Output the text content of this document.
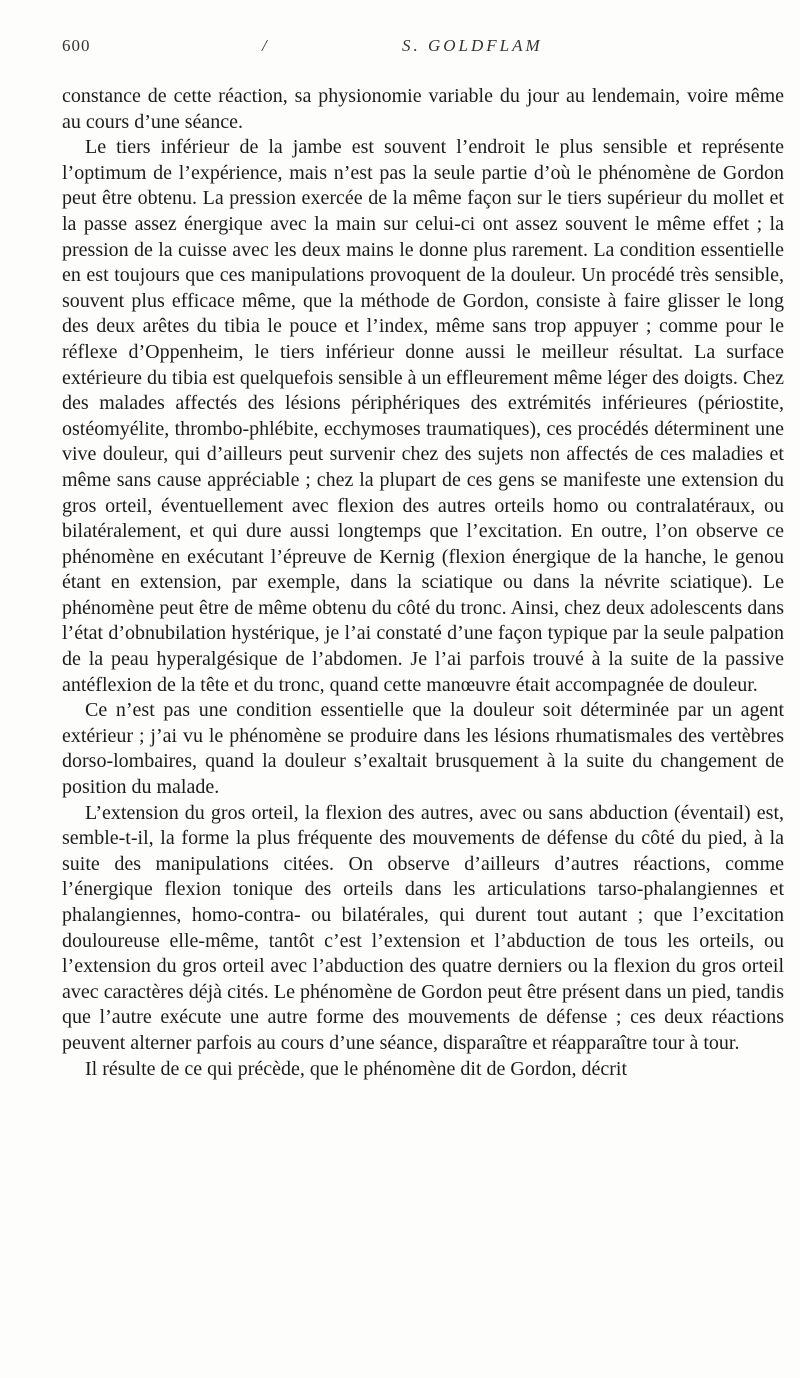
600	/	S. GOLDFLAM

constance de cette réaction, sa physionomie variable du jour au lendemain, voire même au cours d’une séance.

Le tiers inférieur de la jambe est souvent l’endroit le plus sensible et représente l’optimum de l’expérience, mais n’est pas la seule partie d’où le phénomène de Gordon peut être obtenu. La pression exercée de la même façon sur le tiers supérieur du mollet et la passe assez énergique avec la main sur celui-ci ont assez souvent le même effet ; la pression de la cuisse avec les deux mains le donne plus rarement. La condition essentielle en est toujours que ces manipulations provoquent de la douleur. Un procédé très sensible, souvent plus efficace même, que la méthode de Gordon, consiste à faire glisser le long des deux arêtes du tibia le pouce et l’index, même sans trop appuyer ; comme pour le réflexe d’Oppenheim, le tiers inférieur donne aussi le meilleur résultat. La surface extérieure du tibia est quelquefois sensible à un effleurement même léger des doigts. Chez des malades affectés des lésions périphériques des extrémités inférieures (périostite, ostéomyélite, thrombo-phlébite, ecchymoses traumatiques), ces procédés déterminent une vive douleur, qui d’ailleurs peut survenir chez des sujets non affectés de ces maladies et même sans cause appréciable ; chez la plupart de ces gens se manifeste une extension du gros orteil, éventuellement avec flexion des autres orteils homo ou contralatéraux, ou bilatéralement, et qui dure aussi longtemps que l’excitation. En outre, l’on observe ce phénomène en exécutant l’épreuve de Kernig (flexion énergique de la hanche, le genou étant en extension, par exemple, dans la sciatique ou dans la névrite sciatique). Le phénomène peut être de même obtenu du côté du tronc. Ainsi, chez deux adolescents dans l’état d’obnubilation hystérique, je l’ai constaté d’une façon typique par la seule palpation de la peau hyperalgésique de l’abdomen. Je l’ai parfois trouvé à la suite de la passive antéflexion de la tête et du tronc, quand cette manœuvre était accompagnée de douleur.

Ce n’est pas une condition essentielle que la douleur soit déterminée par un agent extérieur ; j’ai vu le phénomène se produire dans les lésions rhumatismales des vertèbres dorso-lombaires, quand la douleur s’exaltait brusquement à la suite du changement de position du malade.

L’extension du gros orteil, la flexion des autres, avec ou sans abduction (éventail) est, semble-t-il, la forme la plus fréquente des mouvements de défense du côté du pied, à la suite des manipulations citées. On observe d’ailleurs d’autres réactions, comme l’énergique flexion tonique des orteils dans les articulations tarso-phalangiennes et phalangiennes, homo-contra- ou bilatérales, qui durent tout autant ; que l’excitation douloureuse elle-même, tantôt c’est l’extension et l’abduction de tous les orteils, ou l’extension du gros orteil avec l’abduction des quatre derniers ou la flexion du gros orteil avec caractères déjà cités. Le phénomène de Gordon peut être présent dans un pied, tandis que l’autre exécute une autre forme des mouvements de défense ; ces deux réactions peuvent alterner parfois au cours d’une séance, disparaître et réapparaître tour à tour.

Il résulte de ce qui précède, que le phénomène dit de Gordon, décrit
